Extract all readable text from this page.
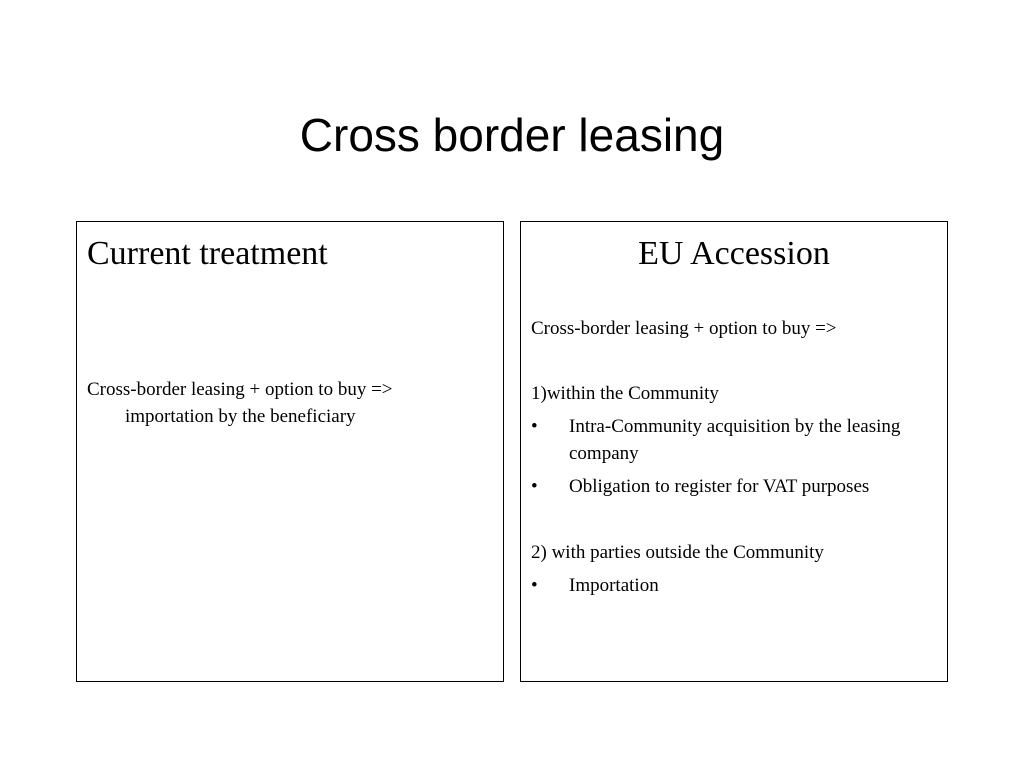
Cross border leasing
Current treatment

Cross-border leasing + option to buy => importation by the beneficiary

EU Accession

Cross-border leasing + option to buy =>

1)within the Community

•	Intra-Community acquisition by the leasing company
•	Obligation to register for VAT purposes

2) with parties outside the Community

•	Importation
